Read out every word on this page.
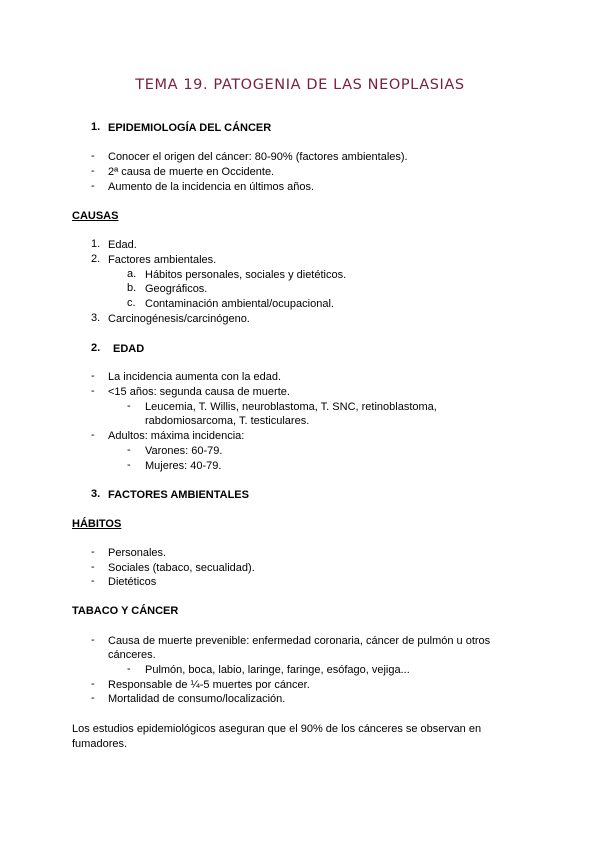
TEMA 19. PATOGENIA DE LAS NEOPLASIAS
1. EPIDEMIOLOGÍA DEL CÁNCER
- Conocer el origen del cáncer: 80-90% (factores ambientales).
- 2ª causa de muerte en Occidente.
- Aumento de la incidencia en últimos años.
CAUSAS
1. Edad.
2. Factores ambientales.
a. Hábitos personales, sociales y dietéticos.
b. Geográficos.
c. Contaminación ambiental/ocupacional.
3. Carcinogénesis/carcinógeno.
2. EDAD
- La incidencia aumenta con la edad.
- <15 años: segunda causa de muerte.
- Leucemia, T. Willis, neuroblastoma, T. SNC, retinoblastoma,
rabdomiosarcoma, T. testiculares.
- Adultos: máxima incidencia:
- Varones: 60-79.
- Mujeres: 40-79.
3. FACTORES AMBIENTALES
HÁBITOS
- Personales.
- Sociales (tabaco, secualidad).
- Dietéticos
TABACO Y CÁNCER
- Causa de muerte prevenible: enfermedad coronaria, cáncer de pulmón u otros
cánceres.
- Pulmón, boca, labio, laringe, faringe, esófago, vejiga...
- Responsable de ¼-5 muertes por cáncer.
- Mortalidad de consumo/localización.
Los estudios epidemiológicos aseguran que el 90% de los cánceres se observan en
fumadores.
